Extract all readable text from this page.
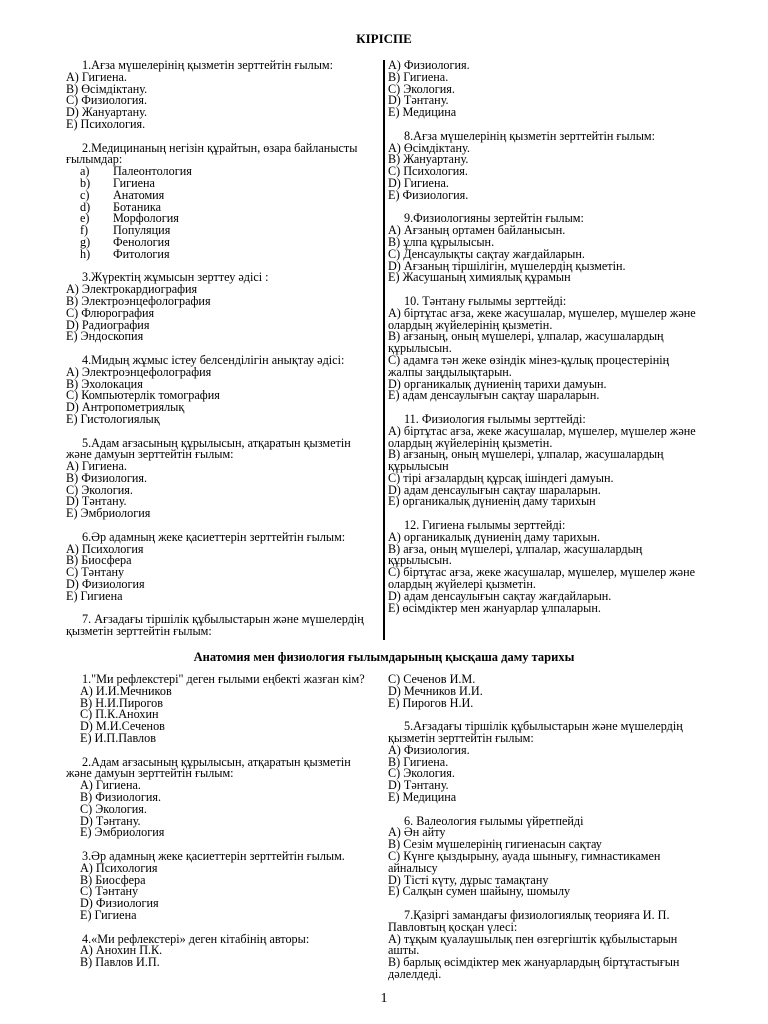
КІРІСПЕ
1.Ағза мүшелерінің қызметін зерттейтін ғылым:
А) Гигиена.
В) Өсімдіктану.
С) Физиология.
D) Жануартану.
Е) Психология.
2.Медицинаның негізін құрайтын, өзара байланысты ғылымдар:
a)	Палеонтология
b)	Гигиена
c)	Анатомия
d)	Ботаника
e)	Морфология
f)	Популяция
g)	Фенология
h)	Фитология
3.Жүректің жұмысын зерттеу әдісі :
А) Электрокардиография
В) Электроэнцефолография
С) Флюрография
D) Радиография
Е) Эндоскопия
4.Мидың жұмыс істеу белсенділігін анықтау әдісі:
А) Электроэнцефолография
В) Эхолокация
С) Компьютерлік томография
D) Антропометриялық
Е) Гистологиялық
5.Адам ағзасының құрылысын, атқаратын қызметін және дамуын зерттейтін ғылым:
А) Гигиена.
В) Физиология.
С) Экология.
D) Тәнтану.
Е) Эмбриология
6.Әр адамның жеке қасиеттерін зерттейтін ғылым:
А) Психология
В) Биосфера
С) Тәнтану
D) Физиология
Е) Гигиена
7. Ағзадағы тіршілік құбылыстарын және мүшелердің қызметін зерттейтін ғылым:
А) Физиология.
В) Гигиена.
С) Экология.
D) Тәнтану.
Е) Медицина
8.Ағза мүшелерінің қызметін зерттейтін ғылым:
А) Өсімдіктану.
В) Жануартану.
С) Психология.
D) Гигиена.
Е) Физиология.
9.Физиологияны зертейтін ғылым:
А) Ағзаның ортамен байланысын.
В) ұлпа құрылысын.
С) Денсаулықты сақтау жағдайларын.
D) Ағзаның тіршілігін, мүшелердің қызметін.
Е) Жасушаның химиялық құрамын
10. Тәнтану ғылымы зерттейді:
А) біртұтас ағза, жеке жасушалар, мүшелер, мүшелер және олардың жүйелерінің қызметін.
В) ағзаның, оның мүшелері, ұлпалар, жасушалардың құрылысын.
С) адамға тән жеке өзіндік мінез-құлық процестерінің жалпы заңдылықтарын.
D) органикалық дүниенің тарихи дамуын.
Е) адам денсаулығын сақтау шараларын.
11. Физиология ғылымы зерттейді:
А) біртұтас ағза, жеке жасушалар, мүшелер, мүшелер және олардың жүйелерінің қызметін.
В) ағзаның, оның мүшелері, ұлпалар, жасушалардың құрылысын
С) тірі ағзалардың құрсақ ішіндегі дамуын.
D) адам денсаулығын сақтау шараларын.
Е) органикалық дүниенің даму тарихын
12. Гигиена ғылымы зерттейді:
А) органикалық дүниенің даму тарихын.
В) ағза, оның мүшелері, ұлпалар, жасушалардың құрылысын.
С) біртұтас ағза, жеке жасушалар, мүшелер, мүшелер және олардың жүйелері қызметін.
D) адам денсаулығын сақтау жағдайларын.
Е) өсімдіктер мен жануарлар ұлпаларын.
Анатомия мен физиология ғылымдарының қысқаша даму тарихы
1."Ми рефлекстері" деген ғылыми еңбекті жазған кім?
А) И.И.Мечников
В) Н.И.Пирогов
С) П.К.Анохин
D) М.И.Сеченов
Е) И.П.Павлов
2.Адам ағзасының құрылысын, атқаратын қызметін және дамуын зерттейтін ғылым:
А) Гигиена.
В) Физиология.
С) Экология.
D) Тәнтану.
Е) Эмбриология
3.Әр адамның жеке қасиеттерін зерттейтін ғылым.
А) Психология
В) Биосфера
С) Тәнтану
D) Физиология
Е) Гигиена
4.«Ми рефлекстері» деген кітабінің авторы:
А) Анохин П.К.
В) Павлов И.П.
С) Сеченов И.М.
D) Мечников И.И.
Е) Пирогов Н.И.
5.Ағзадағы тіршілік құбылыстарын және мүшелердің қызметін зерттейтін ғылым:
А) Физиология.
В) Гигиена.
С) Экология.
D) Тәнтану.
Е) Медицина
6. Валеология ғылымы үйретпейді
А) Ән айту
В) Сезім мүшелерінің гигиенасын сақтау
С) Күнге қыздырыну, ауада шынығу, гимнастикамен айналысу
D) Тісті күту, дұрыс тамақтану
Е) Салқын сумен шайыну, шомылу
7.Қазіргі замандағы физиологиялық теорияға И. П. Павловтың қосқан үлесі:
А) тұқым қуалаушылық пен өзгергіштік құбылыстарын ашты.
В) барлық өсімдіктер мек жануарлардың біртұтастығын дәлелдеді.
1
